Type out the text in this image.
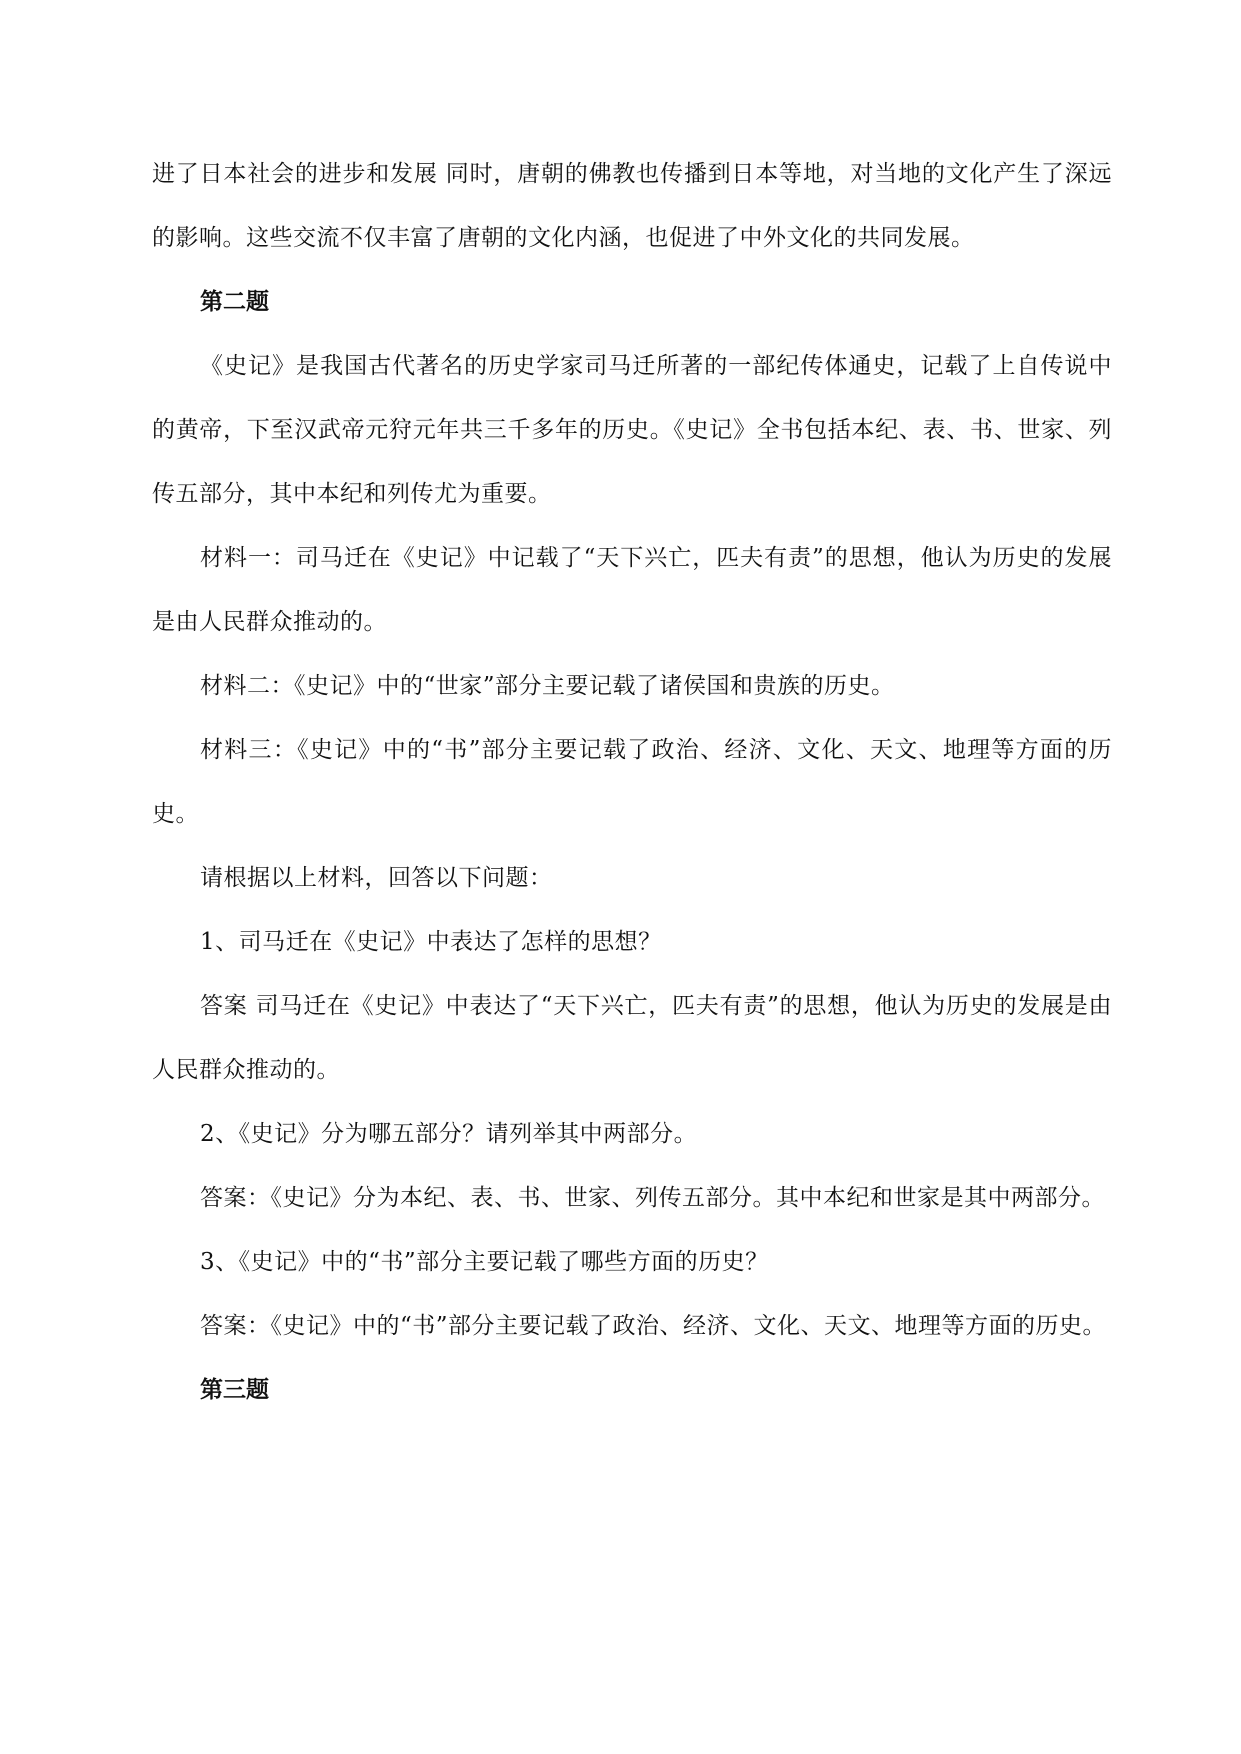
进了日本社会的进步和发展 同时，唐朝的佛教也传播到日本等地，对当地的文化产生了深远的影响。这些交流不仅丰富了唐朝的文化内涵，也促进了中外文化的共同发展。

第二题

《史记》是我国古代著名的历史学家司马迁所著的一部纪传体通史，记载了上自传说中的黄帝，下至汉武帝元狩元年共三千多年的历史。《史记》全书包括本纪、表、书、世家、列传五部分，其中本纪和列传尤为重要。

材料一：司马迁在《史记》中记载了“天下兴亡，匹夫有责”的思想，他认为历史的发展是由人民群众推动的。

材料二：《史记》中的“世家”部分主要记载了诸侯国和贵族的历史。

材料三：《史记》中的“书”部分主要记载了政治、经济、文化、天文、地理等方面的历史。

请根据以上材料，回答以下问题：

1、司马迁在《史记》中表达了怎样的思想？

答案 司马迁在《史记》中表达了“天下兴亡，匹夫有责”的思想，他认为历史的发展是由人民群众推动的。

2、《史记》分为哪五部分？请列举其中两部分。

答案：《史记》分为本纪、表、书、世家、列传五部分。其中本纪和世家是其中两部分。

3、《史记》中的“书”部分主要记载了哪些方面的历史？

答案：《史记》中的“书”部分主要记载了政治、经济、文化、天文、地理等方面的历史。

第三题
